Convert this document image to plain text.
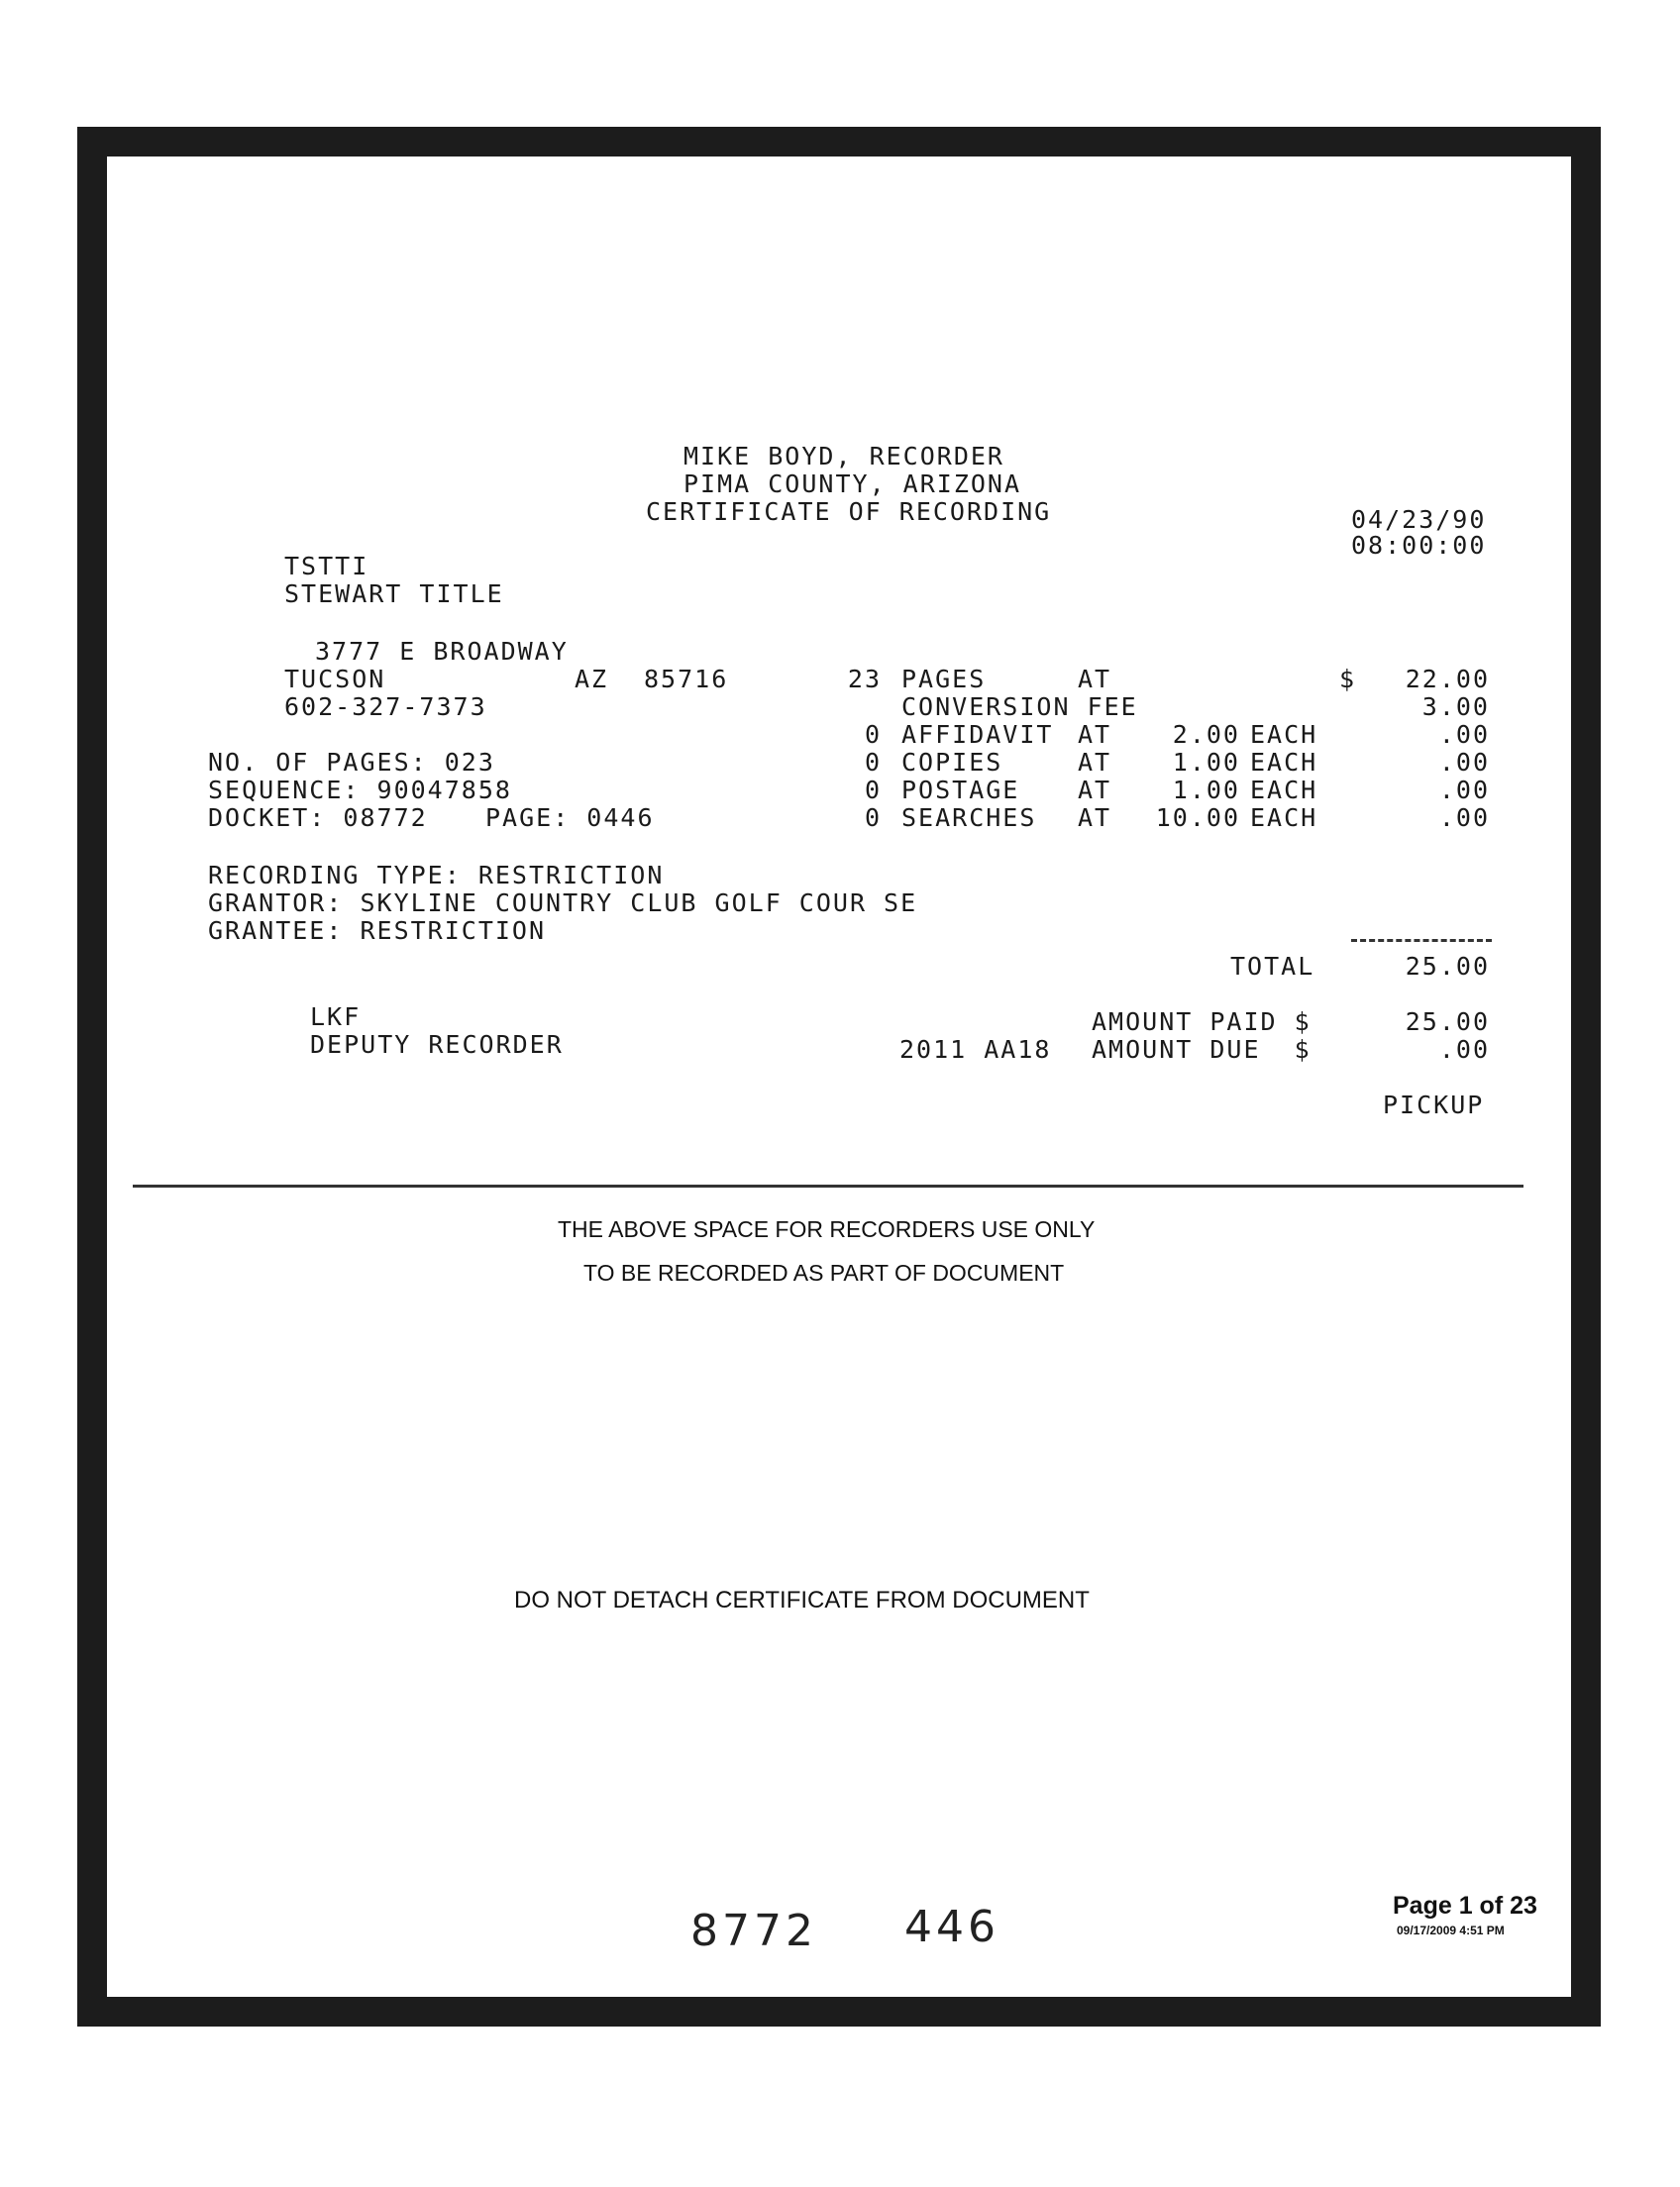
MIKE BOYD, RECORDER
PIMA COUNTY, ARIZONA
CERTIFICATE OF RECORDING	04/23/90
08:00:00
TSTTI
STEWART TITLE
3777 E BROADWAY
TUCSON	AZ 85716
602-327-7373
NO. OF PAGES: 023
SEQUENCE: 90047858
DOCKET: 08772 PAGE: 0446
RECORDING TYPE: RESTRICTION
GRANTOR: SKYLINE COUNTRY CLUB GOLF COUR SE
GRANTEE: RESTRICTION
23 PAGES	AT	$	22.00
CONVERSION FEE	3.00
0 AFFIDAVIT AT	2.00 EACH	.00
0 COPIES	AT	1.00 EACH	.00
0 POSTAGE AT	1.00 EACH	.00
0 SEARCHES AT	10.00 EACH	.00
TOTAL	25.00
LKF
DEPUTY RECORDER
AMOUNT PAID $	25.00
2011 AA18 AMOUNT DUE  $	.00
PICKUP
THE ABOVE SPACE FOR RECORDERS USE ONLY
TO BE RECORDED AS PART OF DOCUMENT
DO NOT DETACH CERTIFICATE FROM DOCUMENT
Page 1 of 23
09/17/2009 4:51 PM
8772 446
